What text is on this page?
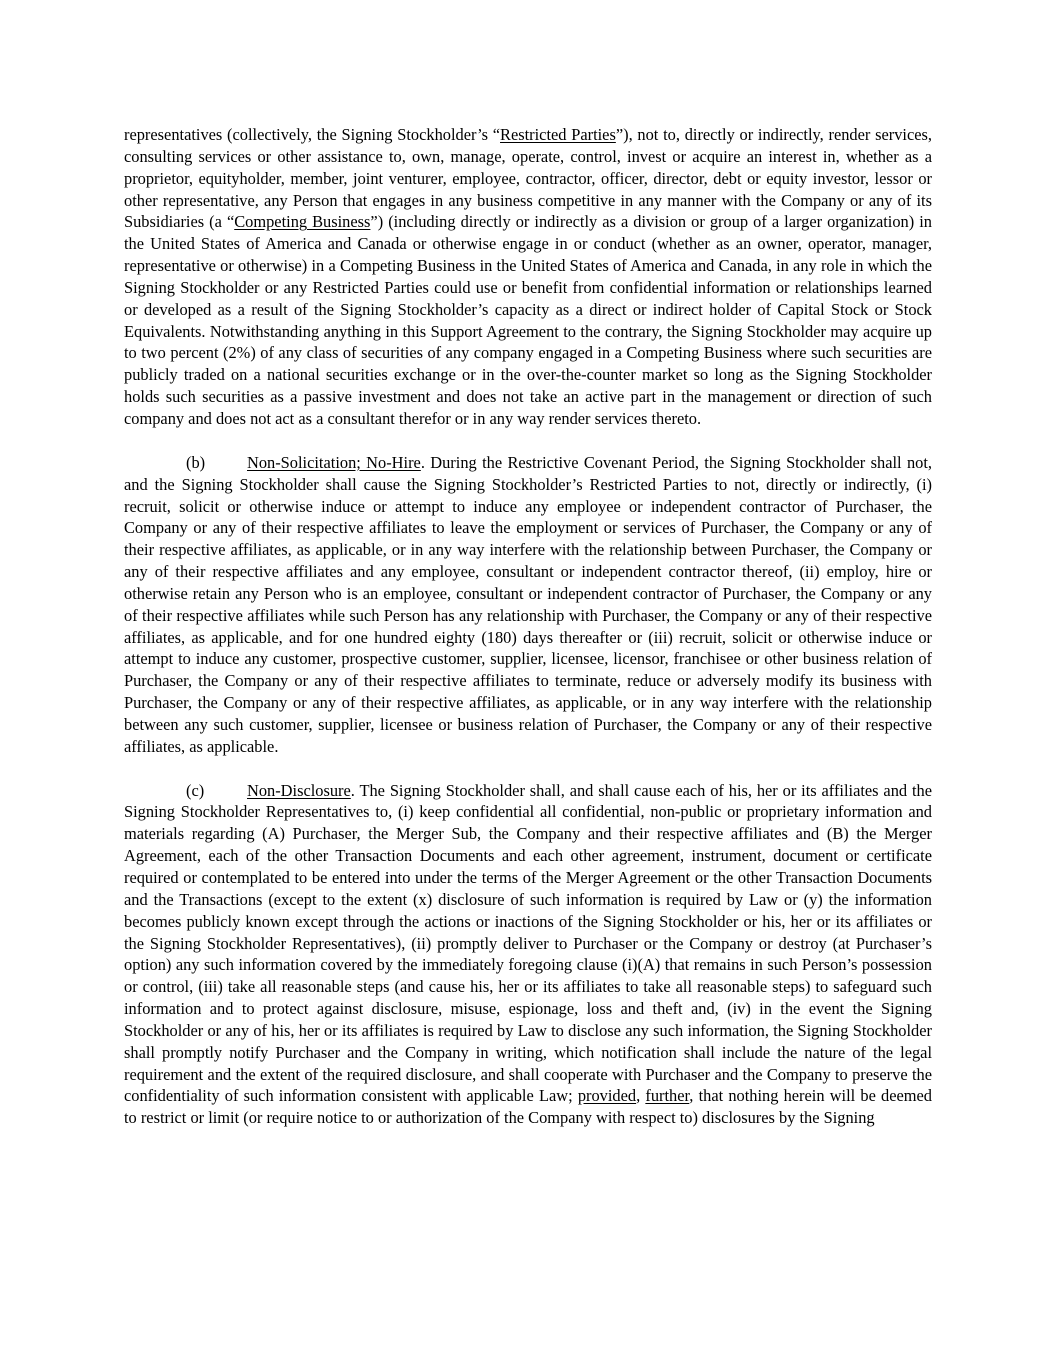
representatives (collectively, the Signing Stockholder’s “Restricted Parties”), not to, directly or indirectly, render services, consulting services or other assistance to, own, manage, operate, control, invest or acquire an interest in, whether as a proprietor, equityholder, member, joint venturer, employee, contractor, officer, director, debt or equity investor, lessor or other representative, any Person that engages in any business competitive in any manner with the Company or any of its Subsidiaries (a “Competing Business”) (including directly or indirectly as a division or group of a larger organization) in the United States of America and Canada or otherwise engage in or conduct (whether as an owner, operator, manager, representative or otherwise) in a Competing Business in the United States of America and Canada, in any role in which the Signing Stockholder or any Restricted Parties could use or benefit from confidential information or relationships learned or developed as a result of the Signing Stockholder’s capacity as a direct or indirect holder of Capital Stock or Stock Equivalents. Notwithstanding anything in this Support Agreement to the contrary, the Signing Stockholder may acquire up to two percent (2%) of any class of securities of any company engaged in a Competing Business where such securities are publicly traded on a national securities exchange or in the over-the-counter market so long as the Signing Stockholder holds such securities as a passive investment and does not take an active part in the management or direction of such company and does not act as a consultant therefor or in any way render services thereto.

(b)	Non-Solicitation; No-Hire. During the Restrictive Covenant Period, the Signing Stockholder shall not, and the Signing Stockholder shall cause the Signing Stockholder’s Restricted Parties to not, directly or indirectly, (i) recruit, solicit or otherwise induce or attempt to induce any employee or independent contractor of Purchaser, the Company or any of their respective affiliates to leave the employment or services of Purchaser, the Company or any of their respective affiliates, as applicable, or in any way interfere with the relationship between Purchaser, the Company or any of their respective affiliates and any employee, consultant or independent contractor thereof, (ii) employ, hire or otherwise retain any Person who is an employee, consultant or independent contractor of Purchaser, the Company or any of their respective affiliates while such Person has any relationship with Purchaser, the Company or any of their respective affiliates, as applicable, and for one hundred eighty (180) days thereafter or (iii) recruit, solicit or otherwise induce or attempt to induce any customer, prospective customer, supplier, licensee, licensor, franchisee or other business relation of Purchaser, the Company or any of their respective affiliates to terminate, reduce or adversely modify its business with Purchaser, the Company or any of their respective affiliates, as applicable, or in any way interfere with the relationship between any such customer, supplier, licensee or business relation of Purchaser, the Company or any of their respective affiliates, as applicable.

(c)	Non-Disclosure. The Signing Stockholder shall, and shall cause each of his, her or its affiliates and the Signing Stockholder Representatives to, (i) keep confidential all confidential, non-public or proprietary information and materials regarding (A) Purchaser, the Merger Sub, the Company and their respective affiliates and (B) the Merger Agreement, each of the other Transaction Documents and each other agreement, instrument, document or certificate required or contemplated to be entered into under the terms of the Merger Agreement or the other Transaction Documents and the Transactions (except to the extent (x) disclosure of such information is required by Law or (y) the information becomes publicly known except through the actions or inactions of the Signing Stockholder or his, her or its affiliates or the Signing Stockholder Representatives), (ii) promptly deliver to Purchaser or the Company or destroy (at Purchaser’s option) any such information covered by the immediately foregoing clause (i)(A) that remains in such Person’s possession or control, (iii) take all reasonable steps (and cause his, her or its affiliates to take all reasonable steps) to safeguard such information and to protect against disclosure, misuse, espionage, loss and theft and, (iv) in the event the Signing Stockholder or any of his, her or its affiliates is required by Law to disclose any such information, the Signing Stockholder shall promptly notify Purchaser and the Company in writing, which notification shall include the nature of the legal requirement and the extent of the required disclosure, and shall cooperate with Purchaser and the Company to preserve the confidentiality of such information consistent with applicable Law; provided, further, that nothing herein will be deemed to restrict or limit (or require notice to or authorization of the Company with respect to) disclosures by the Signing
